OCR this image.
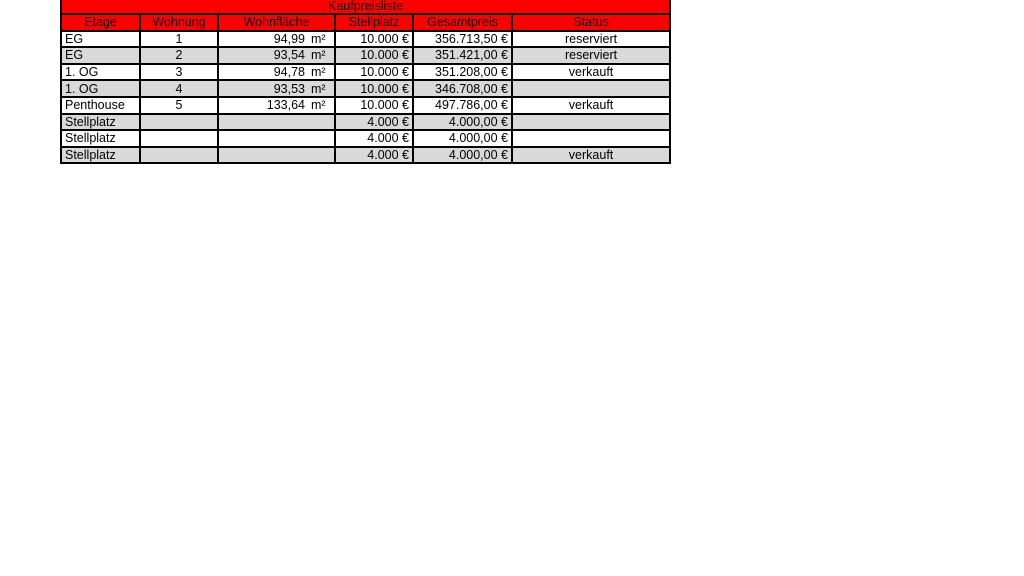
Kaufpreisliste					
Etage	Wohnung	Wohnfläche	Stellplatz	Gesamtpreis	Status
EG	1	94,99 m²	10.000 €	356.713,50 €	reserviert
EG	2	93,54 m²	10.000 €	351.421,00 €	reserviert
1. OG	3	94,78 m²	10.000 €	351.208,00 €	verkauft
1. OG	4	93,53 m²	10.000 €	346.708,00 €	
Penthouse	5	133,64 m²	10.000 €	497.786,00 €	verkauft
Stellplatz			4.000 €	4.000,00 €	
Stellplatz			4.000 €	4.000,00 €	
Stellplatz			4.000 €	4.000,00 €	verkauft
